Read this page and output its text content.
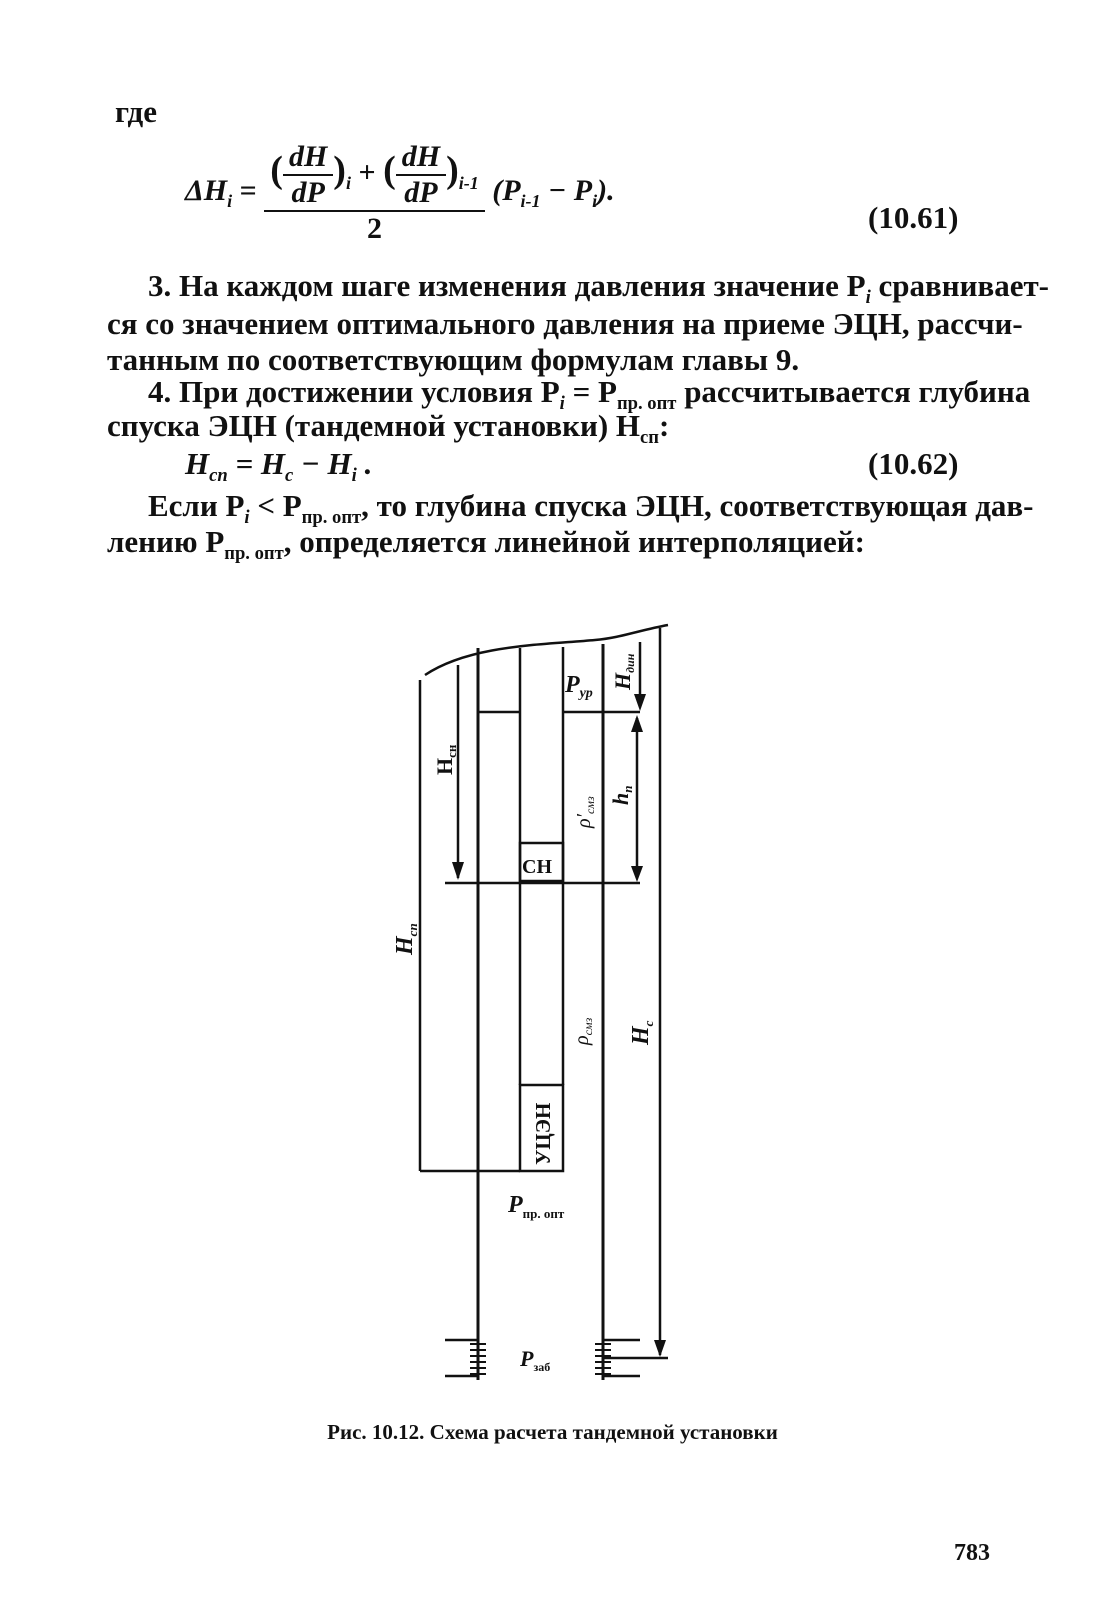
где
$\Delta H_i = \frac{( \frac{dH}{dP} )_i + ( \frac{dH}{dP} )_{i-1}}{2} (P_{i-1} - P_i)$.
(10.61)
3. На каждом шаге изменения давления значение $P_i$ сравнивает-
ся со значением оптимального давления на приеме ЭЦН, рассчи-
танным по соответствующим формулам главы 9.
4. При достижении условия $P_i = P_{пр. опт}$ рассчитывается глубина
спуска ЭЦН (тандемной установки) $H_{сп}$:
$H_{сп} = H_с - H_i$ .	(10.62)
Если $P_i < P_{пр. опт}$, то глубина спуска ЭЦН, соответствующая дав-
лению $P_{пр. опт}$, определяется линейной интерполяцией:
$P_{ур}$
Hдин
Hсн
$\rho'_{смз}$ hп
СН
$H_{сп}$
$\rho_{смз}$ $H_с$
УЦЭН
$P_{пр. опт}$
$P_{заб}$
Рис. 10.12. Схема расчета тандемной установки
783
